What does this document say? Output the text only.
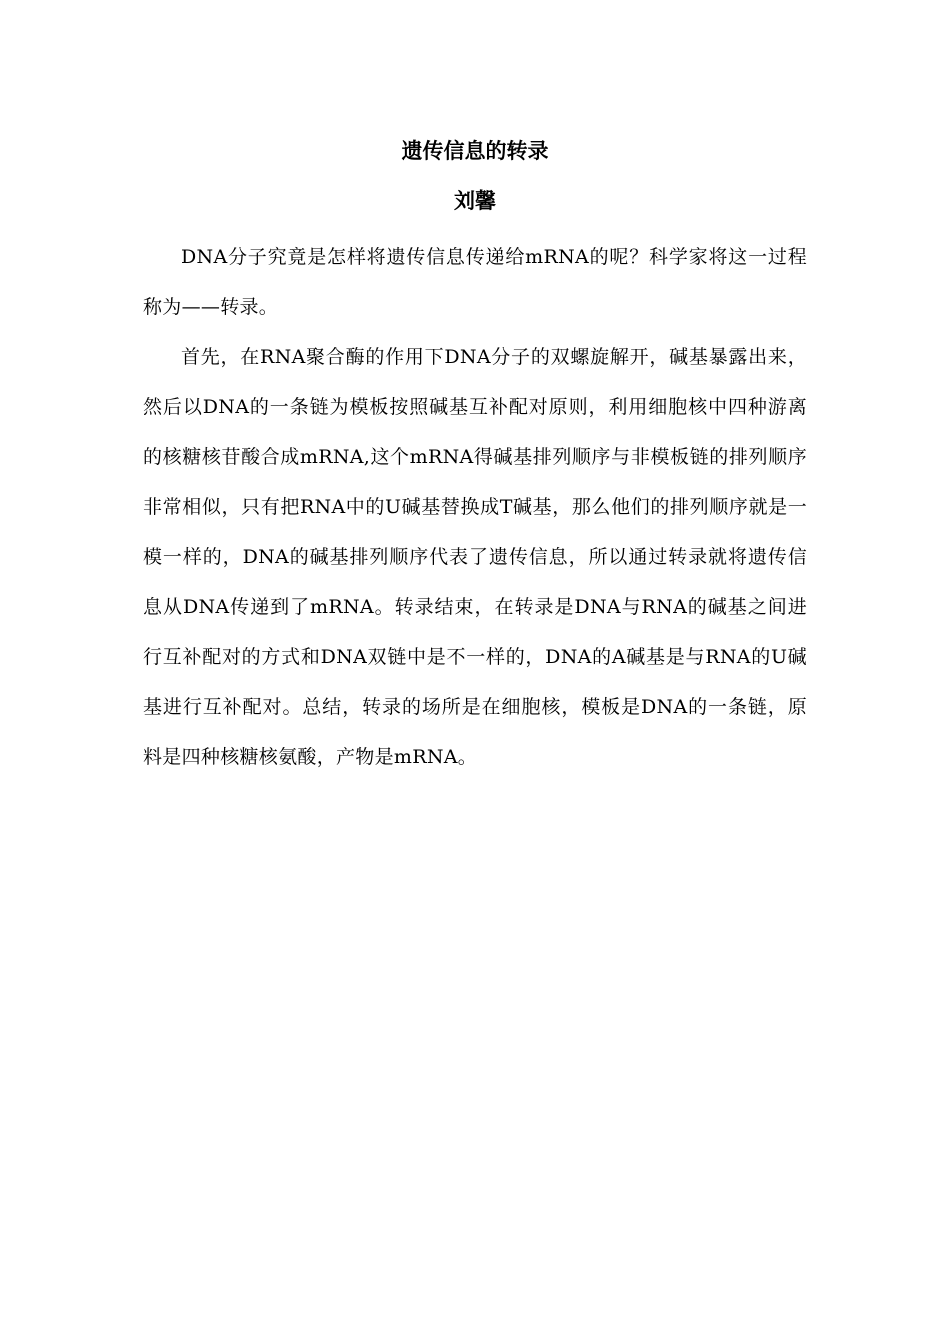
遗传信息的转录
刘馨

DNA分子究竟是怎样将遗传信息传递给mRNA的呢？科学家将这一过程称为——转录。

首先，在RNA聚合酶的作用下DNA分子的双螺旋解开，碱基暴露出来，然后以DNA的一条链为模板按照碱基互补配对原则，利用细胞核中四种游离的核糖核苷酸合成mRNA,这个mRNA得碱基排列顺序与非模板链的排列顺序非常相似，只有把RNA中的U碱基替换成T碱基，那么他们的排列顺序就是一模一样的，DNA的碱基排列顺序代表了遗传信息，所以通过转录就将遗传信息从DNA传递到了mRNA。转录结束，在转录是DNA与RNA的碱基之间进行互补配对的方式和DNA双链中是不一样的，DNA的A碱基是与RNA的U碱基进行互补配对。总结，转录的场所是在细胞核，模板是DNA的一条链，原料是四种核糖核氨酸，产物是mRNA。
